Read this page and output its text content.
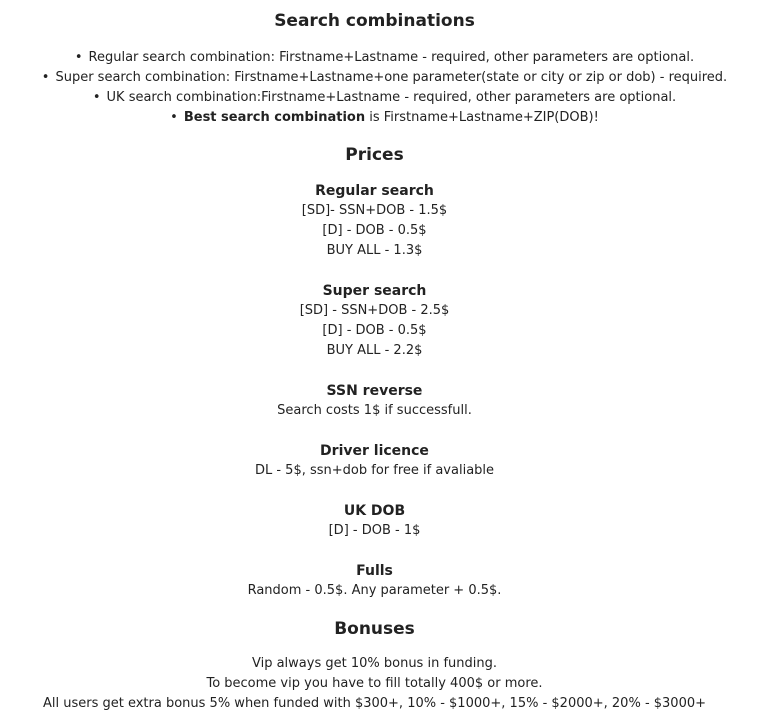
Search combinations
• Regular search combination: Firstname+Lastname - required, other parameters are optional.
• Super search combination: Firstname+Lastname+one parameter(state or city or zip or dob) - required.
• UK search combination:Firstname+Lastname - required, other parameters are optional.
• Best search combination is Firstname+Lastname+ZIP(DOB)!
Prices
Regular search
[SD]- SSN+DOB - 1.5$
[D] - DOB - 0.5$
BUY ALL - 1.3$
Super search
[SD] - SSN+DOB - 2.5$
[D] - DOB - 0.5$
BUY ALL - 2.2$
SSN reverse
Search costs 1$ if successfull.
Driver licence
DL - 5$, ssn+dob for free if avaliable
UK DOB
[D] - DOB - 1$
Fulls
Random - 0.5$. Any parameter + 0.5$.
Bonuses
Vip always get 10% bonus in funding.
To become vip you have to fill totally 400$ or more.
All users get extra bonus 5% when funded with $300+, 10% - $1000+, 15% - $2000+, 20% - $3000+
